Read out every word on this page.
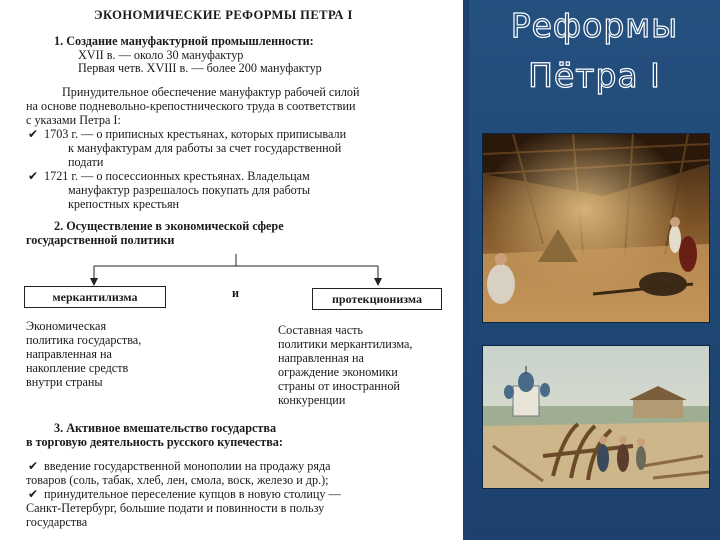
ЭКОНОМИЧЕСКИЕ РЕФОРМЫ ПЕТРА I
1. Создание мануфактурной промышленности:
XVII в. — около 30 мануфактур
Первая четв. XVIII в. — более 200 мануфактур
Принудительное обеспечение мануфактур рабочей силой
на основе подневольно-крепостнического труда в соответствии
с указами Петра I:
✔ 1703 г. — о приписных крестьянах, которых приписывали
к мануфактурам для работы за счет государственной
подати
✔ 1721 г. — о посессионных крестьянах. Владельцам
мануфактур разрешалось покупать для работы
крепостных крестьян
2. Осуществление в экономической сфере
государственной политики
меркантилизма	и	протекционизма
Экономическая
политика государства,
направленная на
накопление средств
внутри страны
Составная часть
политики меркантилизма,
направленная на
ограждение экономики
страны от иностранной
конкуренции
3. Активное вмешательство государства
в торговую деятельность русского купечества:
✔ введение государственной монополии на продажу ряда
товаров (соль, табак, хлеб, лен, смола, воск, железо и др.);
✔ принудительное переселение купцов в новую столицу —
Санкт-Петербург, большие подати и повинности в пользу
государства
Реформы
Пётра I
